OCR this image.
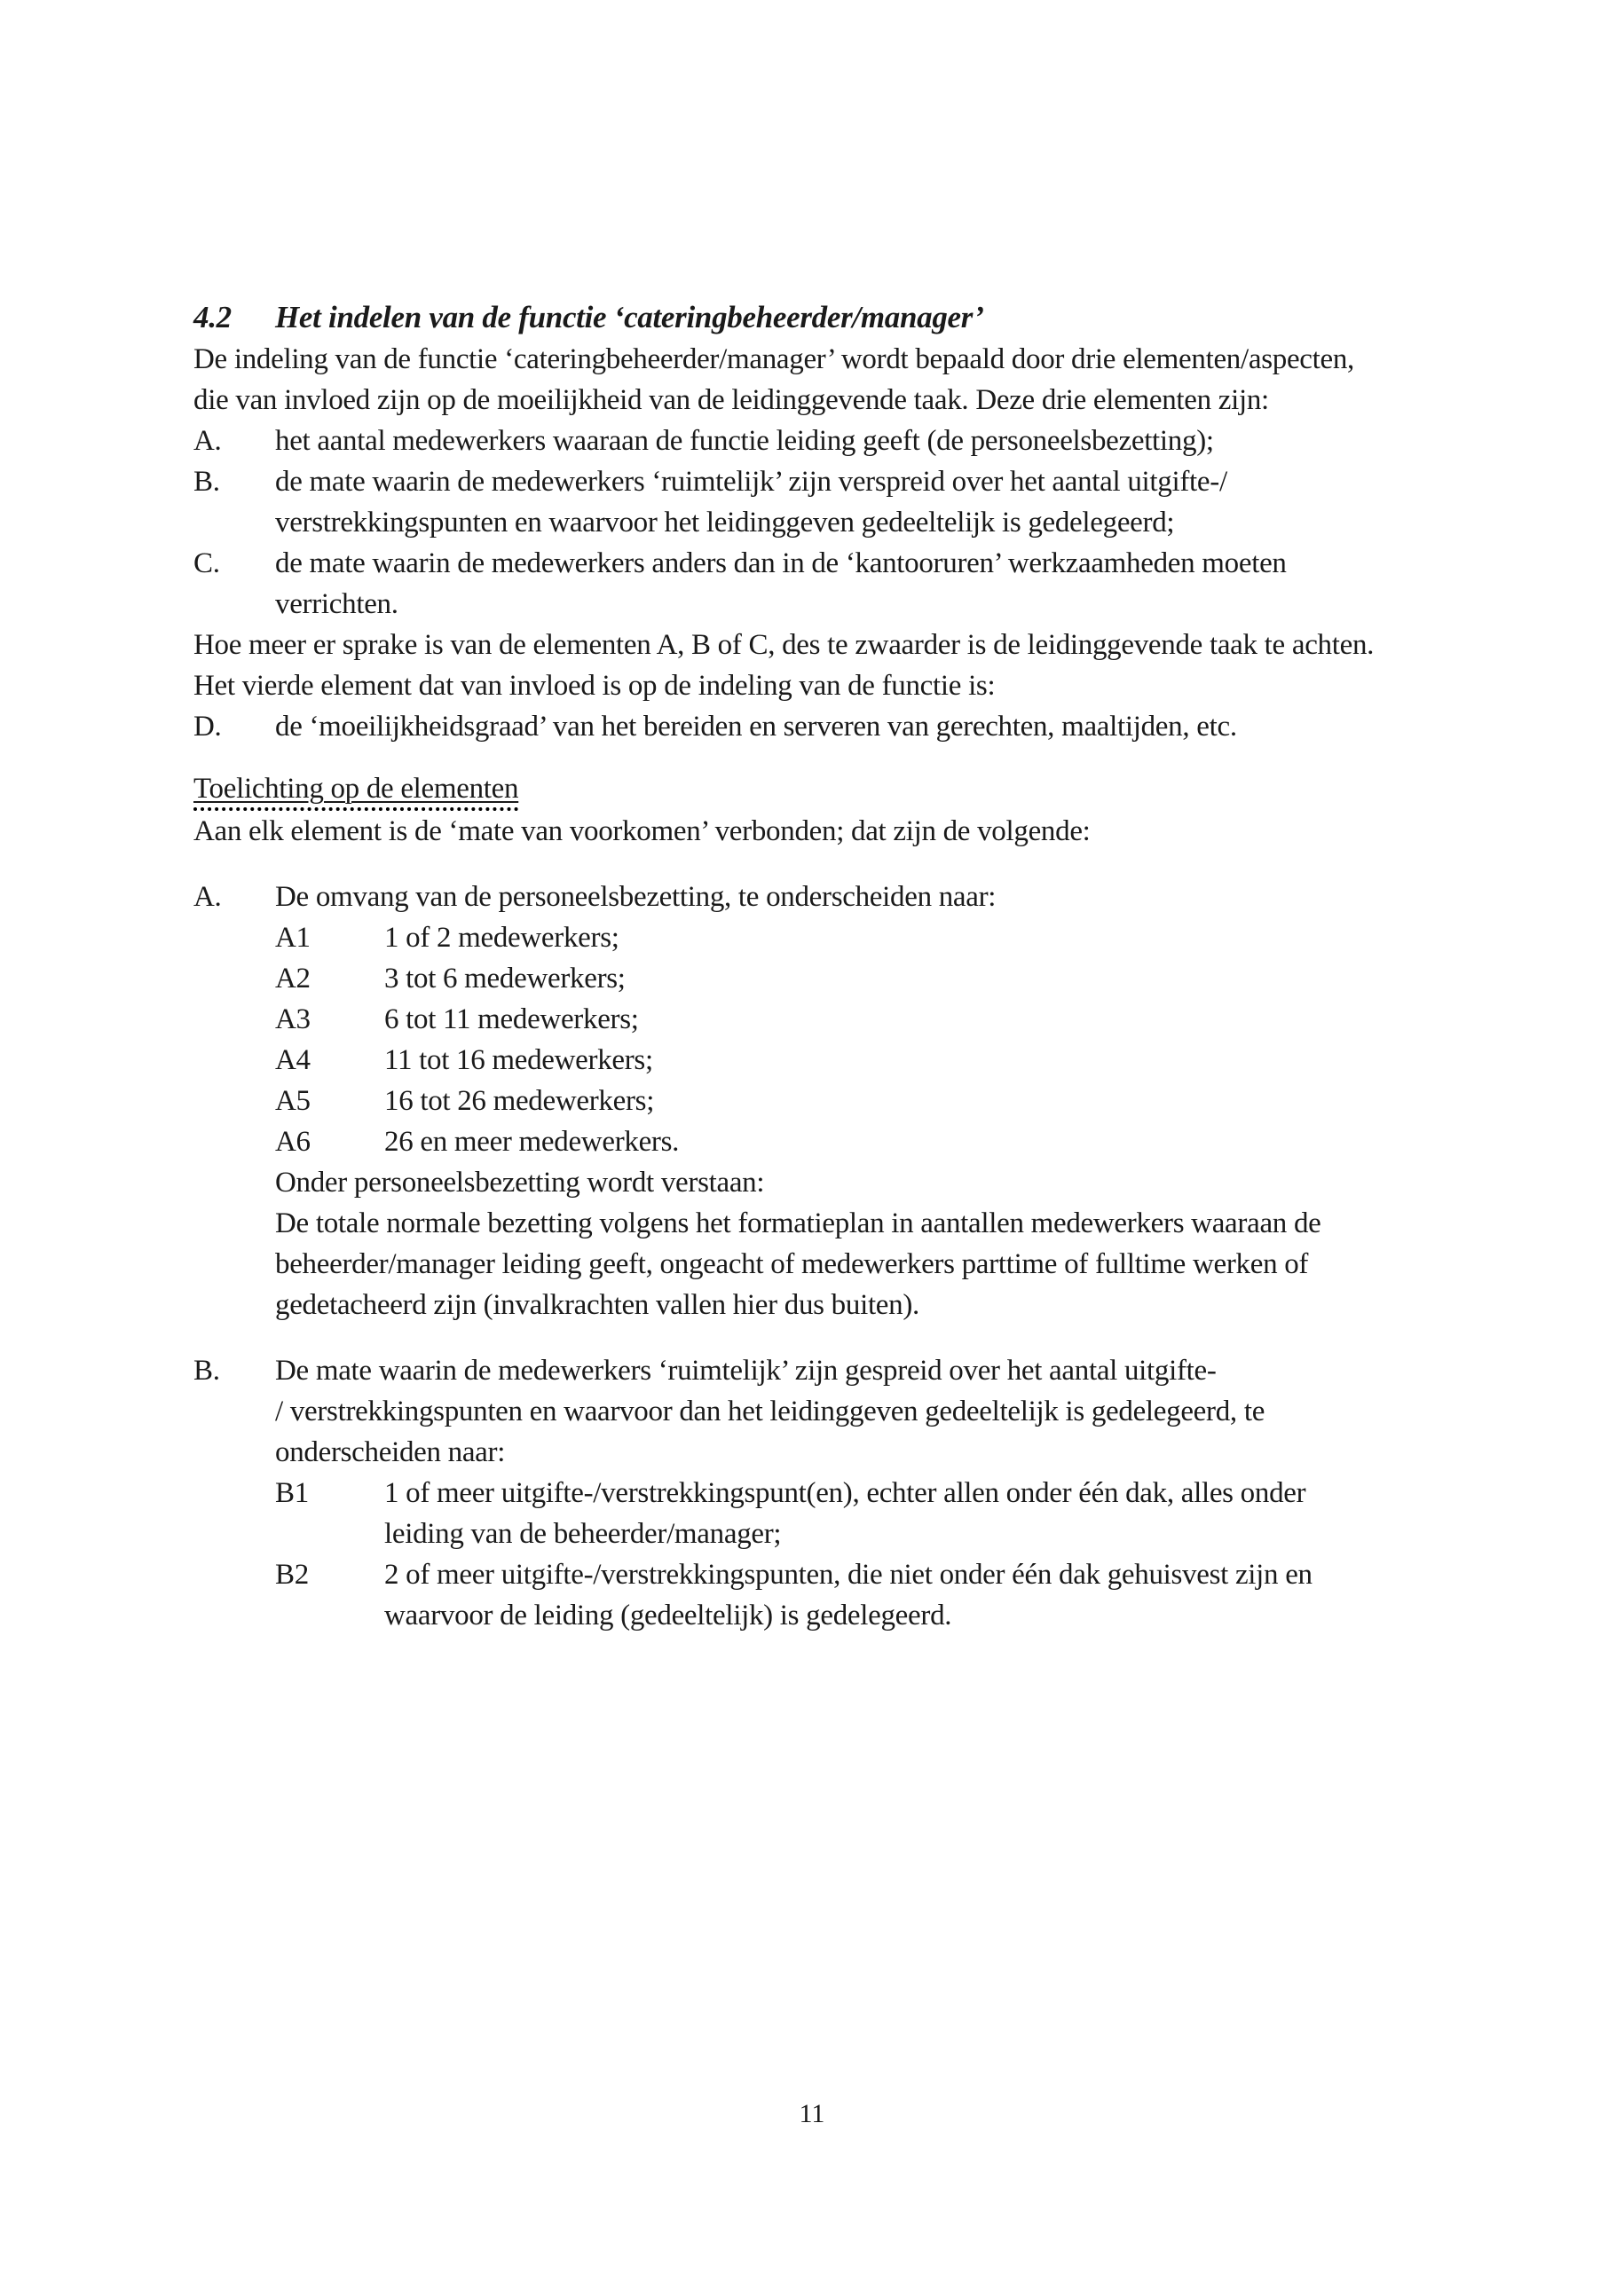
4.2	Het indelen van de functie ‘cateringbeheerder/manager’
De indeling van de functie ‘cateringbeheerder/manager’ wordt bepaald door drie elementen/aspecten,
die van invloed zijn op de moeilijkheid van de leidinggevende taak. Deze drie elementen zijn:
A.	het aantal medewerkers waaraan de functie leiding geeft (de personeelsbezetting);
B.	de mate waarin de medewerkers ‘ruimtelijk’ zijn verspreid over het aantal uitgifte-/
verstrekkingspunten en waarvoor het leidinggeven gedeeltelijk is gedelegeerd;
C.	de mate waarin de medewerkers anders dan in de ‘kantooruren’ werkzaamheden moeten
verrichten.
Hoe meer er sprake is van de elementen A, B of C, des te zwaarder is de leidinggevende taak te achten.
Het vierde element dat van invloed is op de indeling van de functie is:
D.	de ‘moeilijkheidsgraad’ van het bereiden en serveren van gerechten, maaltijden, etc.
Toelichting op de elementen
Aan elk element is de ‘mate van voorkomen’ verbonden; dat zijn de volgende:
A.	De omvang van de personeelsbezetting, te onderscheiden naar:
A1	1 of 2 medewerkers;
A2	3 tot 6 medewerkers;
A3	6 tot 11 medewerkers;
A4	11 tot 16 medewerkers;
A5	16 tot 26 medewerkers;
A6	26 en meer medewerkers.
Onder personeelsbezetting wordt verstaan:
De totale normale bezetting volgens het formatieplan in aantallen medewerkers waaraan de
beheerder/manager leiding geeft, ongeacht of medewerkers parttime of fulltime werken of
gedetacheerd zijn (invalkrachten vallen hier dus buiten).
B.	De mate waarin de medewerkers ‘ruimtelijk’ zijn gespreid over het aantal uitgifte-
/ verstrekkingspunten en waarvoor dan het leidinggeven gedeeltelijk is gedelegeerd, te
onderscheiden naar:
B1	1 of meer uitgifte-/verstrekkingspunt(en), echter allen onder één dak, alles onder
leiding van de beheerder/manager;
B2	2 of meer uitgifte-/verstrekkingspunten, die niet onder één dak gehuisvest zijn en
waarvoor de leiding (gedeeltelijk) is gedelegeerd.
11
